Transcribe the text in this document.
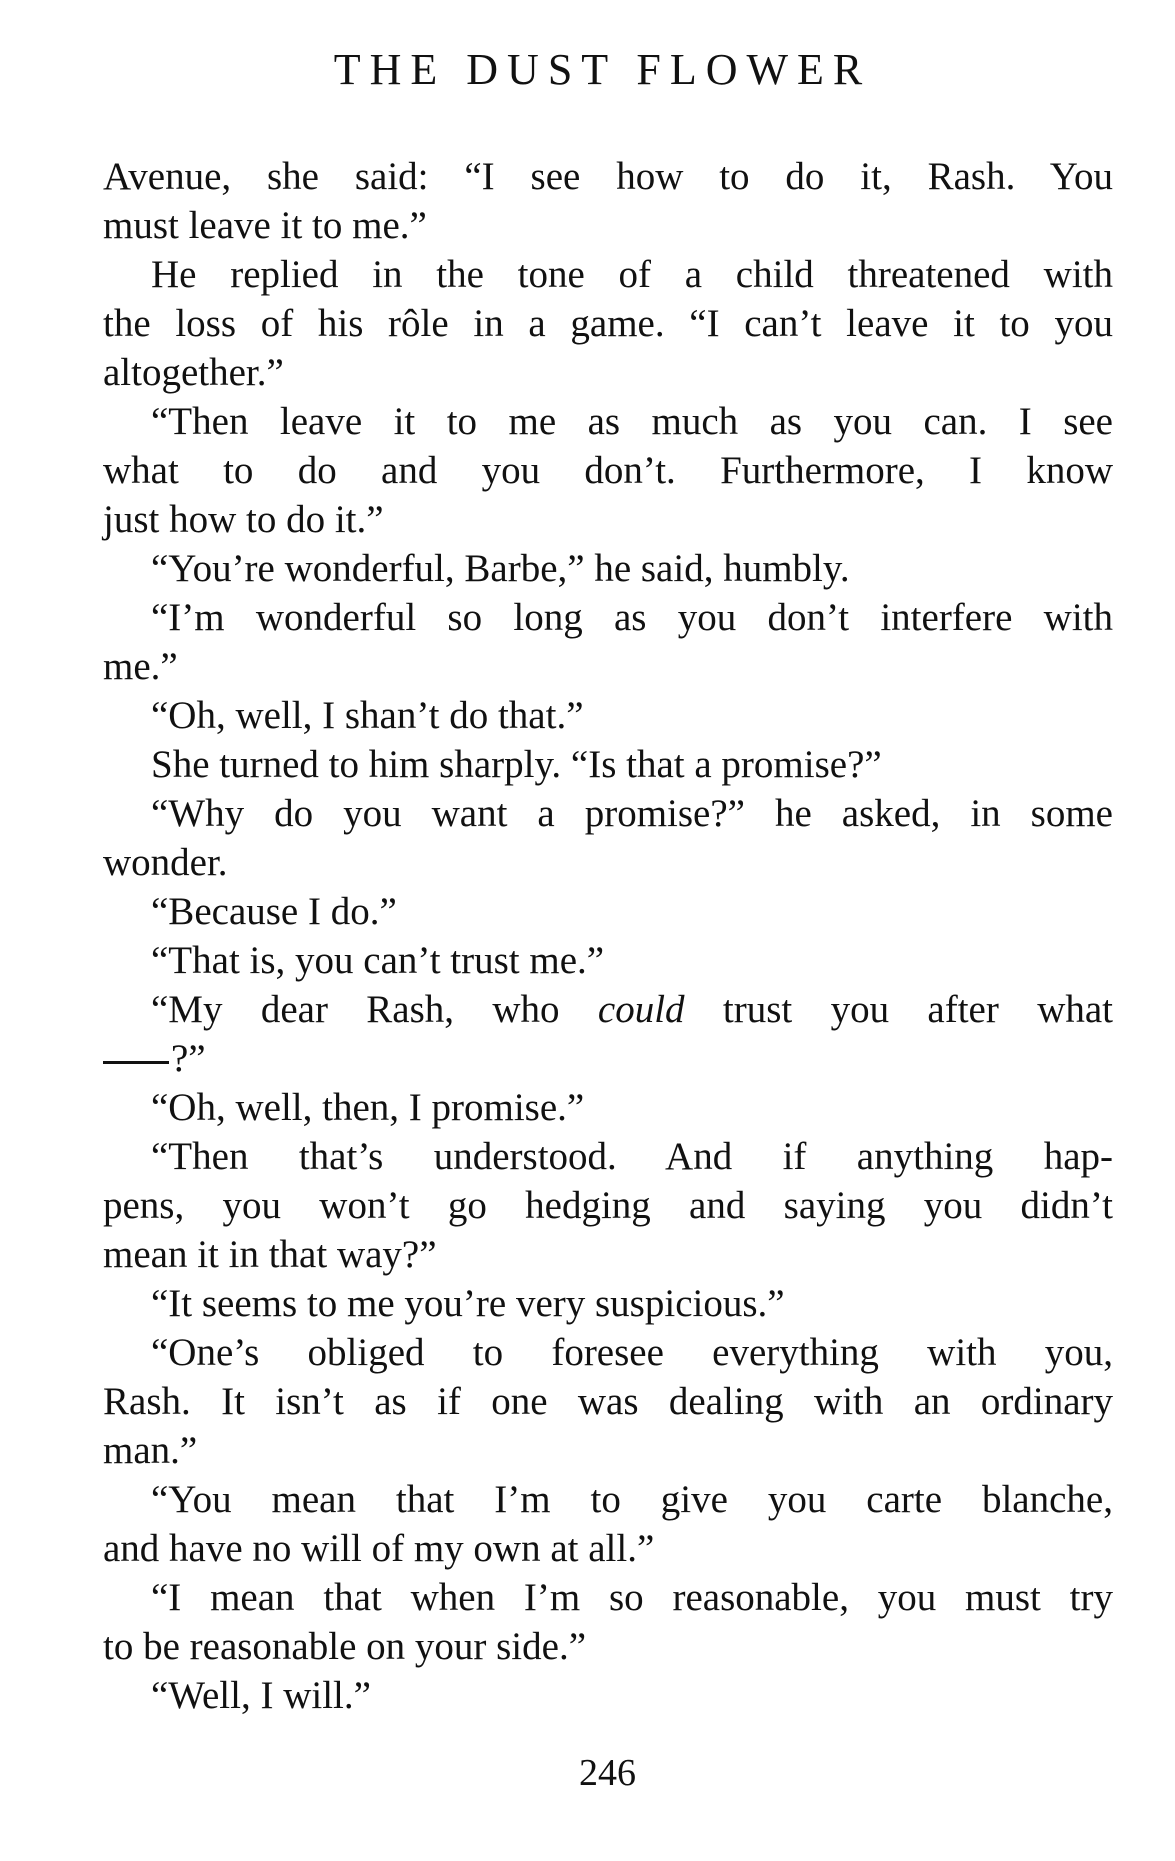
THE DUST FLOWER
Avenue, she said: “I see how to do it, Rash. You
must leave it to me.”
He replied in the tone of a child threatened with
the loss of his rôle in a game. “I can’t leave it to you
altogether.”
“Then leave it to me as much as you can. I see
what to do and you don’t. Furthermore, I know
just how to do it.”
“You’re wonderful, Barbe,” he said, humbly.
“I’m wonderful so long as you don’t interfere with
me.”
“Oh, well, I shan’t do that.”
She turned to him sharply. “Is that a promise?”
“Why do you want a promise?” he asked, in some
wonder.
“Because I do.”
“That is, you can’t trust me.”
“My dear Rash, who could trust you after what
?”
“Oh, well, then, I promise.”
“Then that’s understood. And if anything hap-
pens, you won’t go hedging and saying you didn’t
mean it in that way?”
“It seems to me you’re very suspicious.”
“One’s obliged to foresee everything with you,
Rash. It isn’t as if one was dealing with an ordinary
man.”
“You mean that I’m to give you carte blanche,
and have no will of my own at all.”
“I mean that when I’m so reasonable, you must try
to be reasonable on your side.”
“Well, I will.”
246
